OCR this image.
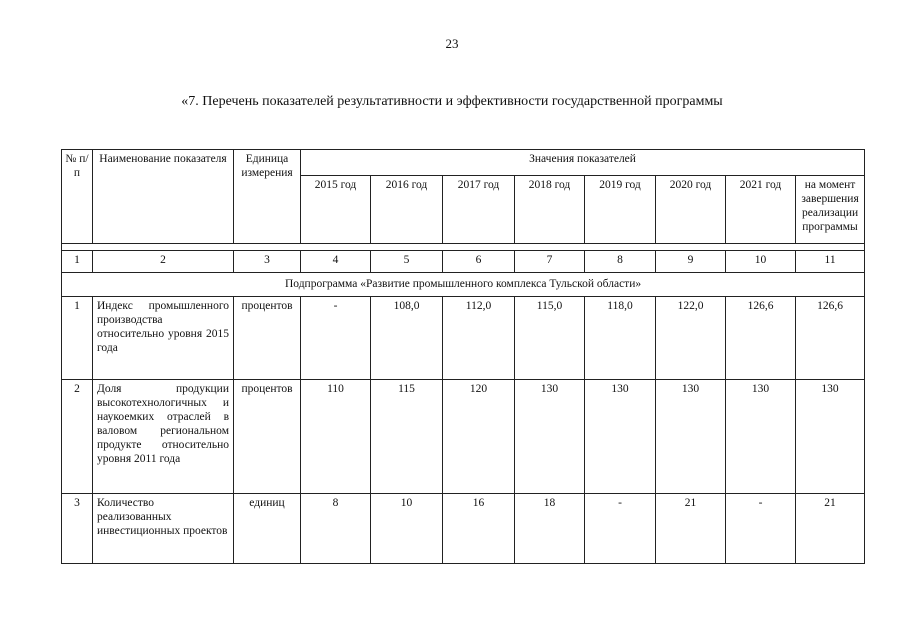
23
«7. Перечень показателей результативности и эффективности государственной программы
№ п/п	Наименование показателя	Единица измерения	Значения показателей							
			2015 год	2016 год	2017 год	2018 год	2019 год	2020 год	2021 год	на момент завершения реализации программы

1	2	3	4	5	6	7	8	9	10	11
Подпрограмма «Развитие промышленного комплекса Тульской области»										
1	Индекс промышленного производства относительно уровня 2015 года	процентов	-	108,0	112,0	115,0	118,0	122,0	126,6	126,6
2	Доля продукции высокотехнологичных и наукоемких отраслей в валовом региональном продукте относительно уровня 2011 года	процентов	110	115	120	130	130	130	130	130
3	Количество реализованных инвестиционных проектов	единиц	8	10	16	18	-	21	-	21
